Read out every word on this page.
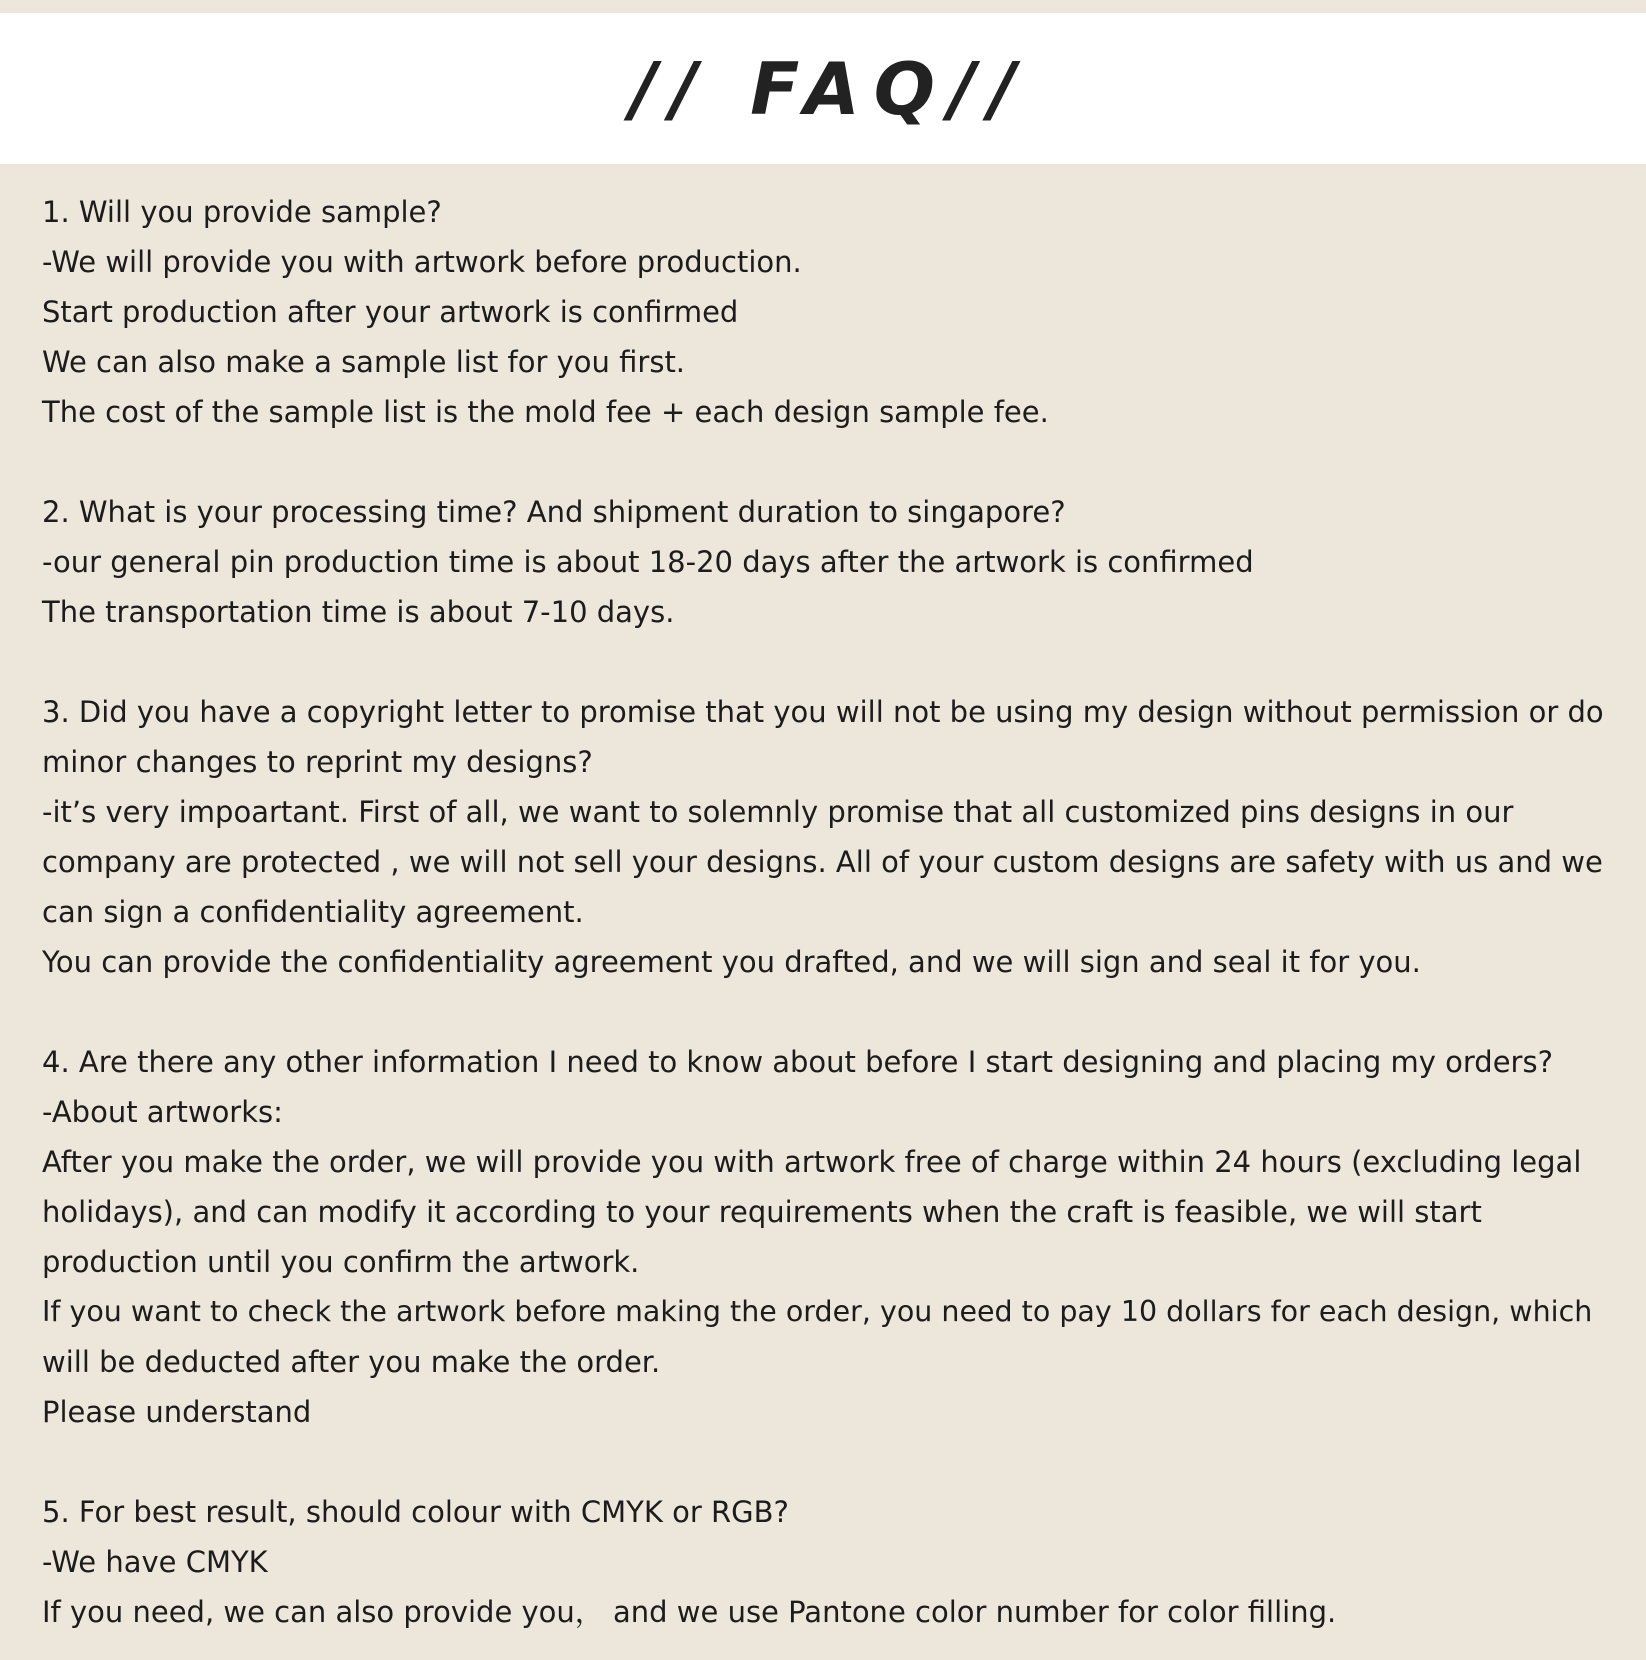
// FAQ//
1. Will you provide sample?
-We will provide you with artwork before production.
Start production after your artwork is confirmed
We can also make a sample list for you first.
The cost of the sample list is the mold fee + each design sample fee.
2. What is your processing time? And shipment duration to singapore?
-our general pin production time is about 18-20 days after the artwork is confirmed
The transportation time is about 7-10 days.
3. Did you have a copyright letter to promise that you will not be using my design without permission or do
minor changes to reprint my designs?
-it’s very impoartant. First of all, we want to solemnly promise that all customized pins designs in our
company are protected , we will not sell your designs. All of your custom designs are safety with us and we
can sign a confidentiality agreement.
You can provide the confidentiality agreement you drafted, and we will sign and seal it for you.
4. Are there any other information I need to know about before I start designing and placing my orders?
-About artworks:
After you make the order, we will provide you with artwork free of charge within 24 hours (excluding legal
holidays), and can modify it according to your requirements when the craft is feasible, we will start
production until you confirm the artwork.
If you want to check the artwork before making the order, you need to pay 10 dollars for each design, which
will be deducted after you make the order.
Please understand
5. For best result, should colour with CMYK or RGB?
-We have CMYK
If you need, we can also provide you， and we use Pantone color number for color filling.
